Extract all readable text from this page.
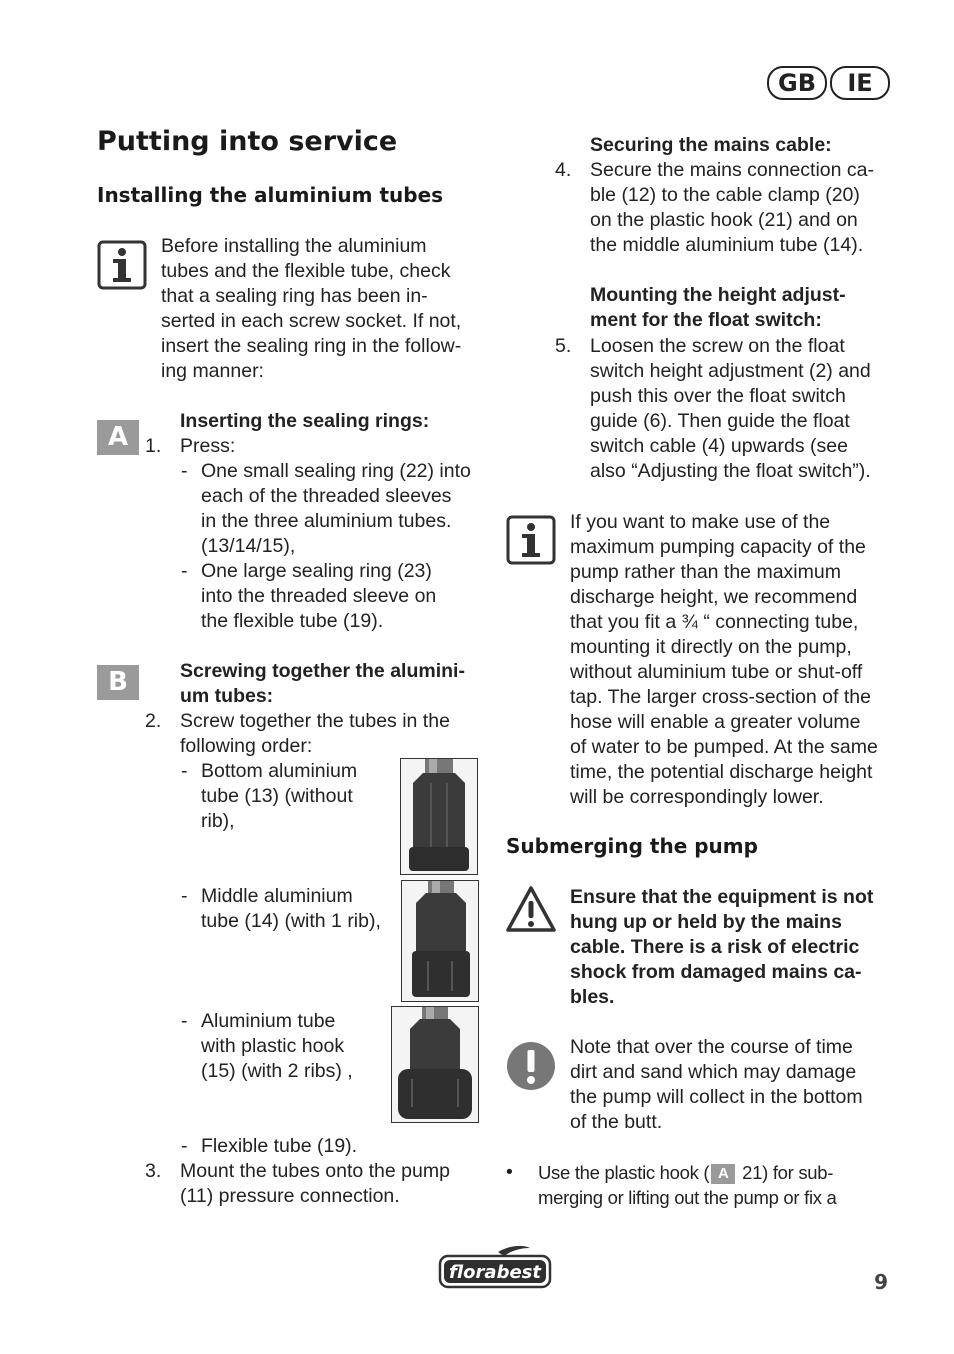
GB	IE
Putting into service
Installing the aluminium tubes
Before installing the aluminium
tubes and the flexible tube, check
that a sealing ring has been in-
serted in each screw socket. If not,
insert the sealing ring in the follow-
ing manner:
A
Inserting the sealing rings:
1. Press:
- One small sealing ring (22) into
each of the threaded sleeves
in the three aluminium tubes.
(13/14/15),
- One large sealing ring (23)
into the threaded sleeve on
the flexible tube (19).
B	Screwing together the alumini-
um tubes:
2. Screw together the tubes in the
following order:
- Bottom aluminium
tube (13) (without
rib),
- Middle aluminium
tube (14) (with 1 rib),
- Aluminium tube
with plastic hook
(15) (with 2 ribs) ,
- Flexible tube (19).
3. Mount the tubes onto the pump
(11) pressure connection.
Securing the mains cable:
4. Secure the mains connection ca-
ble (12) to the cable clamp (20)
on the plastic hook (21) and on
the middle aluminium tube (14).
Mounting the height adjust-
ment for the float switch:
5. Loosen the screw on the float
switch height adjustment (2) and
push this over the float switch
guide (6). Then guide the float
switch cable (4) upwards (see
also “Adjusting the float switch”).
If you want to make use of the
maximum pumping capacity of the
pump rather than the maximum
discharge height, we recommend
that you fit a ¾ “ connecting tube,
mounting it directly on the pump,
without aluminium tube or shut-off
tap. The larger cross-section of the
hose will enable a greater volume
of water to be pumped. At the same
time, the potential discharge height
will be correspondingly lower.
Submerging the pump
Ensure that the equipment is not
hung up or held by the mains
cable. There is a risk of electric
shock from damaged mains ca-
bles.
Note that over the course of time
dirt and sand which may damage
the pump will collect in the bottom
of the butt.
• Use the plastic hook ( A 21) for sub-
merging or lifting out the pump or fix a
florabest	9
